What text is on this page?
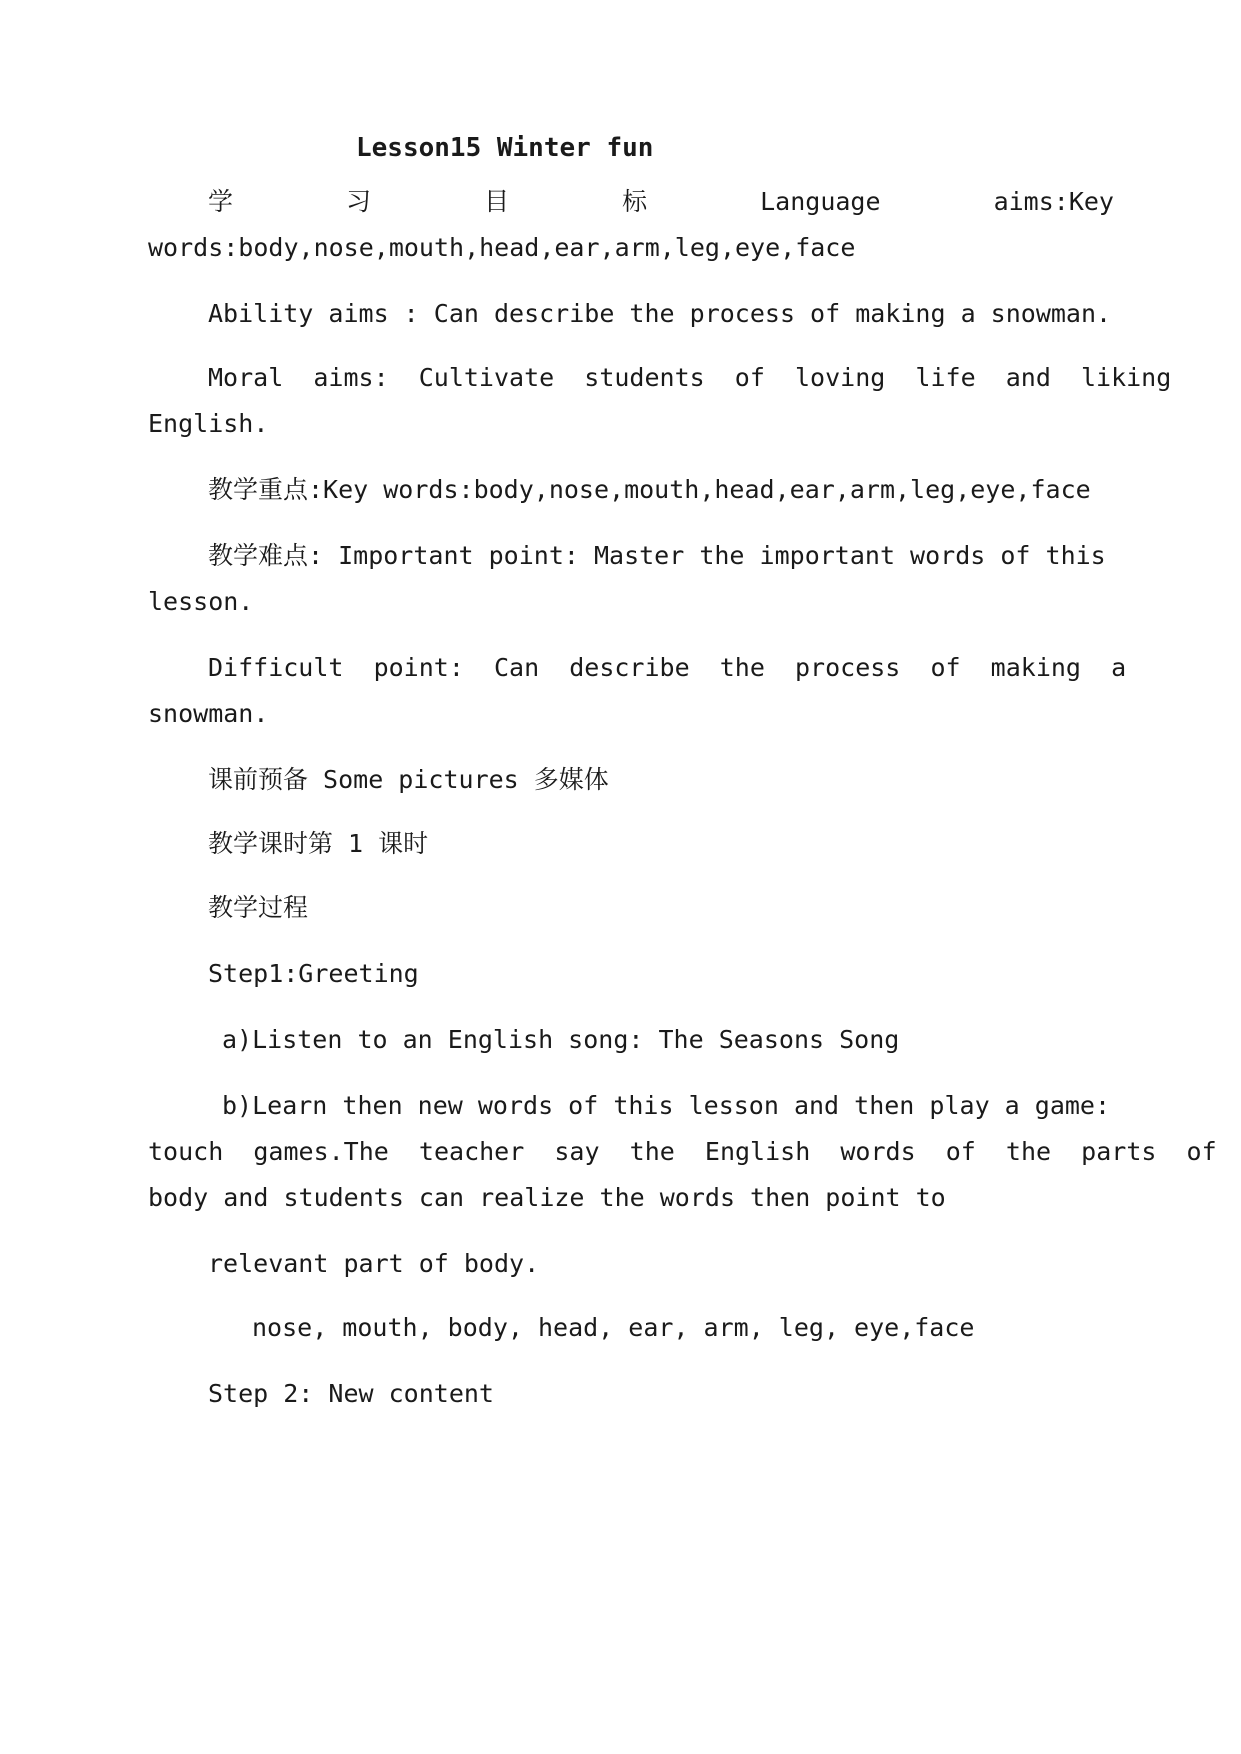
Lesson15 Winter fun
学	习	目	标	Language	aims:Key
words:body,nose,mouth,head,ear,arm,leg,eye,face
Ability aims : Can describe the process of making a snowman.
Moral  aims:  Cultivate  students  of  loving  life  and  liking
English.
教学重点:Key words:body,nose,mouth,head,ear,arm,leg,eye,face
教学难点: Important point: Master the important words of this
lesson.
Difficult  point:  Can  describe  the  process  of  making  a
snowman.
课前预备 Some pictures 多媒体
教学课时第 1 课时
教学过程
Step1:Greeting
a)Listen to an English song: The Seasons Song
b)Learn then new words of this lesson and then play a game:
touch  games.The  teacher  say  the  English  words  of  the  parts  of
body and students can realize the words then point to
relevant part of body.
nose, mouth, body, head, ear, arm, leg, eye,face
Step 2: New content
